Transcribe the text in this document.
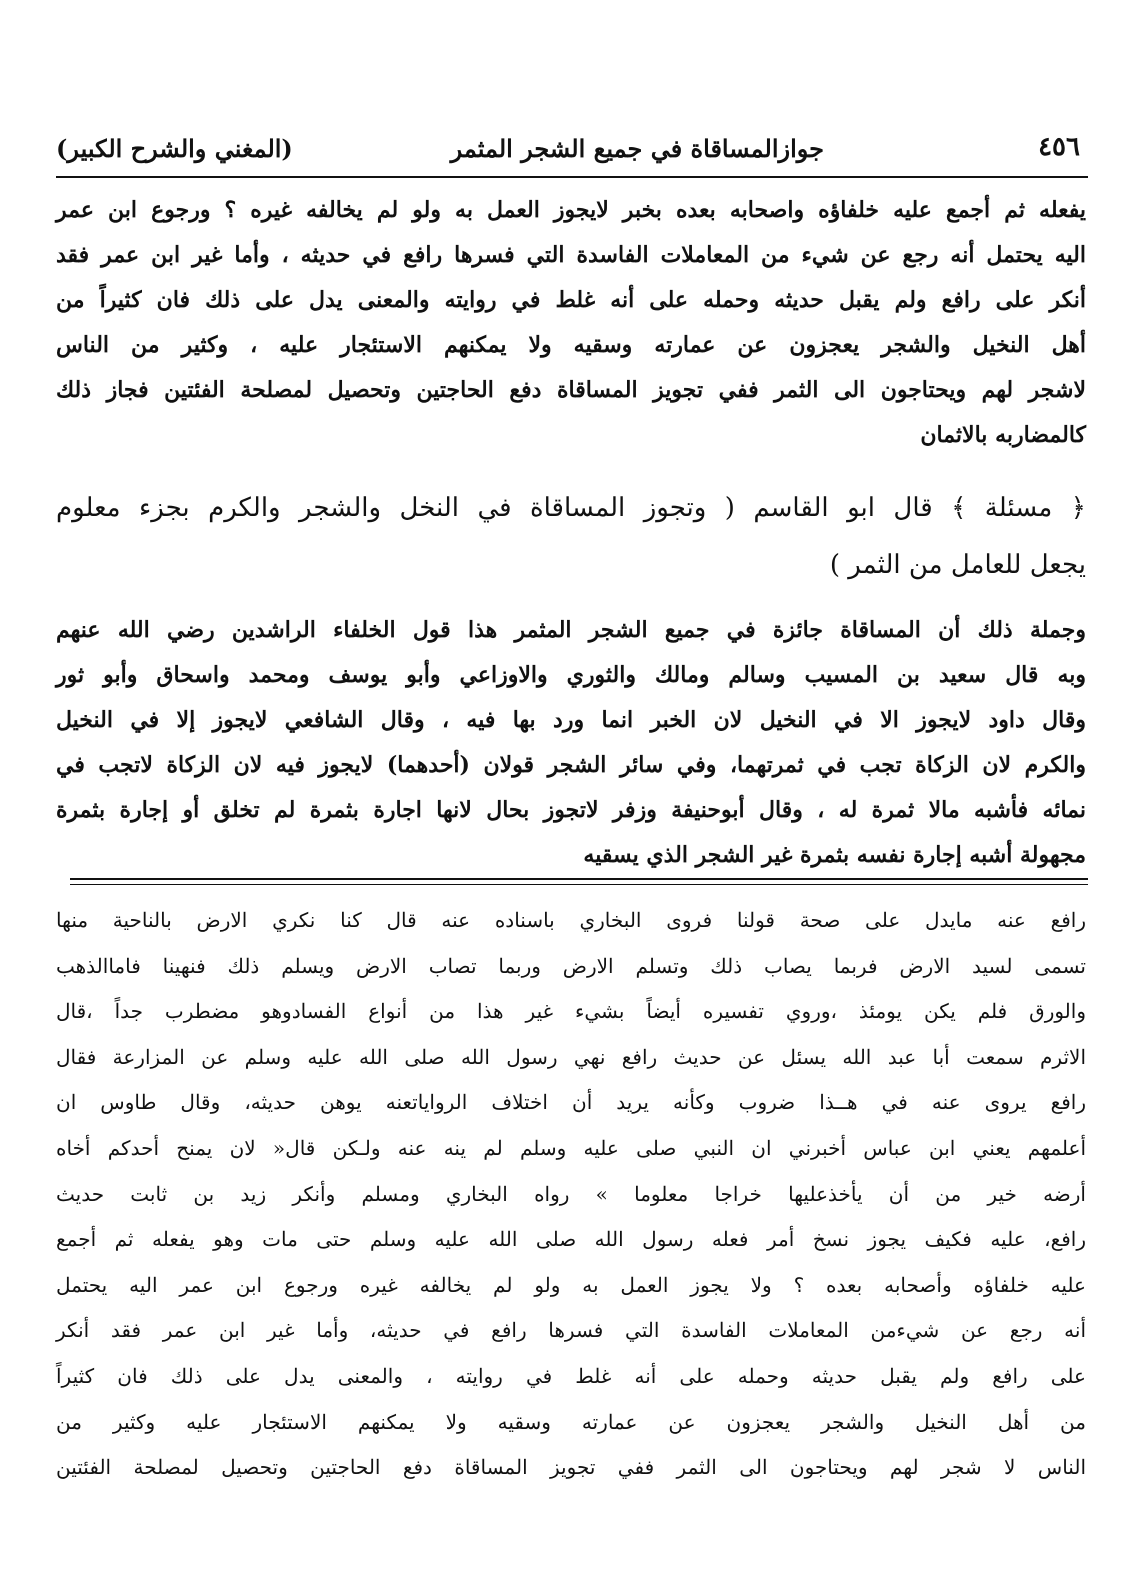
٤٥٦
جوازالمساقاة في جميع الشجر المثمر
(المغني والشرح الكبير)
يفعله ثم أجمع عليه خلفاؤه واصحابه بعده بخبر لايجوز العمل به ولو لم يخالفه غيره ؟ ورجوع ابن عمر
اليه يحتمل أنه رجع عن شيء من المعاملات الفاسدة التي فسرها رافع في حديثه ، وأما غير ابن عمر فقد
أنكر على رافع ولم يقبل حديثه وحمله على أنه غلط في روايته والمعنى يدل على ذلك فان كثيراً من
أهل النخيل والشجر يعجزون عن عمارته وسقيه ولا يمكنهم الاستئجار عليه ، وكثير من الناس
لاشجر لهم ويحتاجون الى الثمر ففي تجويز المساقاة دفع الحاجتين وتحصيل لمصلحة الفئتين فجاز ذلك
كالمضاربه بالاثمان
﴿ مسئلة ﴾ قال ابو القاسم ( وتجوز المساقاة في النخل والشجر والكرم بجزء معلوم
يجعل للعامل من الثمر )
وجملة ذلك أن المساقاة جائزة في جميع الشجر المثمر هذا قول الخلفاء الراشدين رضي الله عنهم
وبه قال سعيد بن المسيب وسالم ومالك والثوري والاوزاعي وأبو يوسف ومحمد واسحاق وأبو ثور
وقال داود لايجوز الا في النخيل لان الخبر انما ورد بها فيه ، وقال الشافعي لايجوز إلا في النخيل
والكرم لان الزكاة تجب في ثمرتهما، وفي سائر الشجر قولان (أحدهما) لايجوز فيه لان الزكاة لاتجب في
نمائه فأشبه مالا ثمرة له ، وقال أبوحنيفة وزفر لاتجوز بحال لانها اجارة بثمرة لم تخلق أو إجارة بثمرة
مجهولة أشبه إجارة نفسه بثمرة غير الشجر الذي يسقيه
رافع عنه مايدل على صحة قولنا فروى البخاري باسناده عنه قال كنا نكري الارض بالناحية منها
تسمى لسيد الارض فربما يصاب ذلك وتسلم الارض وربما تصاب الارض ويسلم ذلك فنهينا فاماالذهب
والورق فلم يكن يومئذ ،وروي تفسيره أيضاً بشيء غير هذا من أنواع الفسادوهو مضطرب جداً ،قال
الاثرم سمعت أبا عبد الله يسئل عن حديث رافع نهي رسول الله صلى الله عليه وسلم عن المزارعة فقال
رافع يروى عنه في هــذا ضروب وكأنه يريد أن اختلاف الرواياتعنه يوهن حديثه، وقال طاوس ان
أعلمهم يعني ابن عباس أخبرني ان النبي صلى عليه وسلم لم ينه عنه ولـكن قال« لان يمنح أحدكم أخاه
أرضه خير من أن يأخذعليها خراجا معلوما » رواه البخاري ومسلم وأنكر زيد بن ثابت حديث
رافع، عليه فكيف يجوز نسخ أمر فعله رسول الله صلى الله عليه وسلم حتى مات وهو يفعله ثم أجمع
عليه خلفاؤه وأصحابه بعده ؟ ولا يجوز العمل به ولو لم يخالفه غيره ورجوع ابن عمر اليه يحتمل
أنه رجع عن شيءمن المعاملات الفاسدة التي فسرها رافع في حديثه، وأما غير ابن عمر فقد أنكر
على رافع ولم يقبل حديثه وحمله على أنه غلط في روايته ، والمعنى يدل على ذلك فان كثيراً
من أهل النخيل والشجر يعجزون عن عمارته وسقيه ولا يمكنهم الاستئجار عليه وكثير من
الناس لا شجر لهم ويحتاجون الى الثمر ففي تجويز المساقاة دفع الحاجتين وتحصيل لمصلحة الفئتين
